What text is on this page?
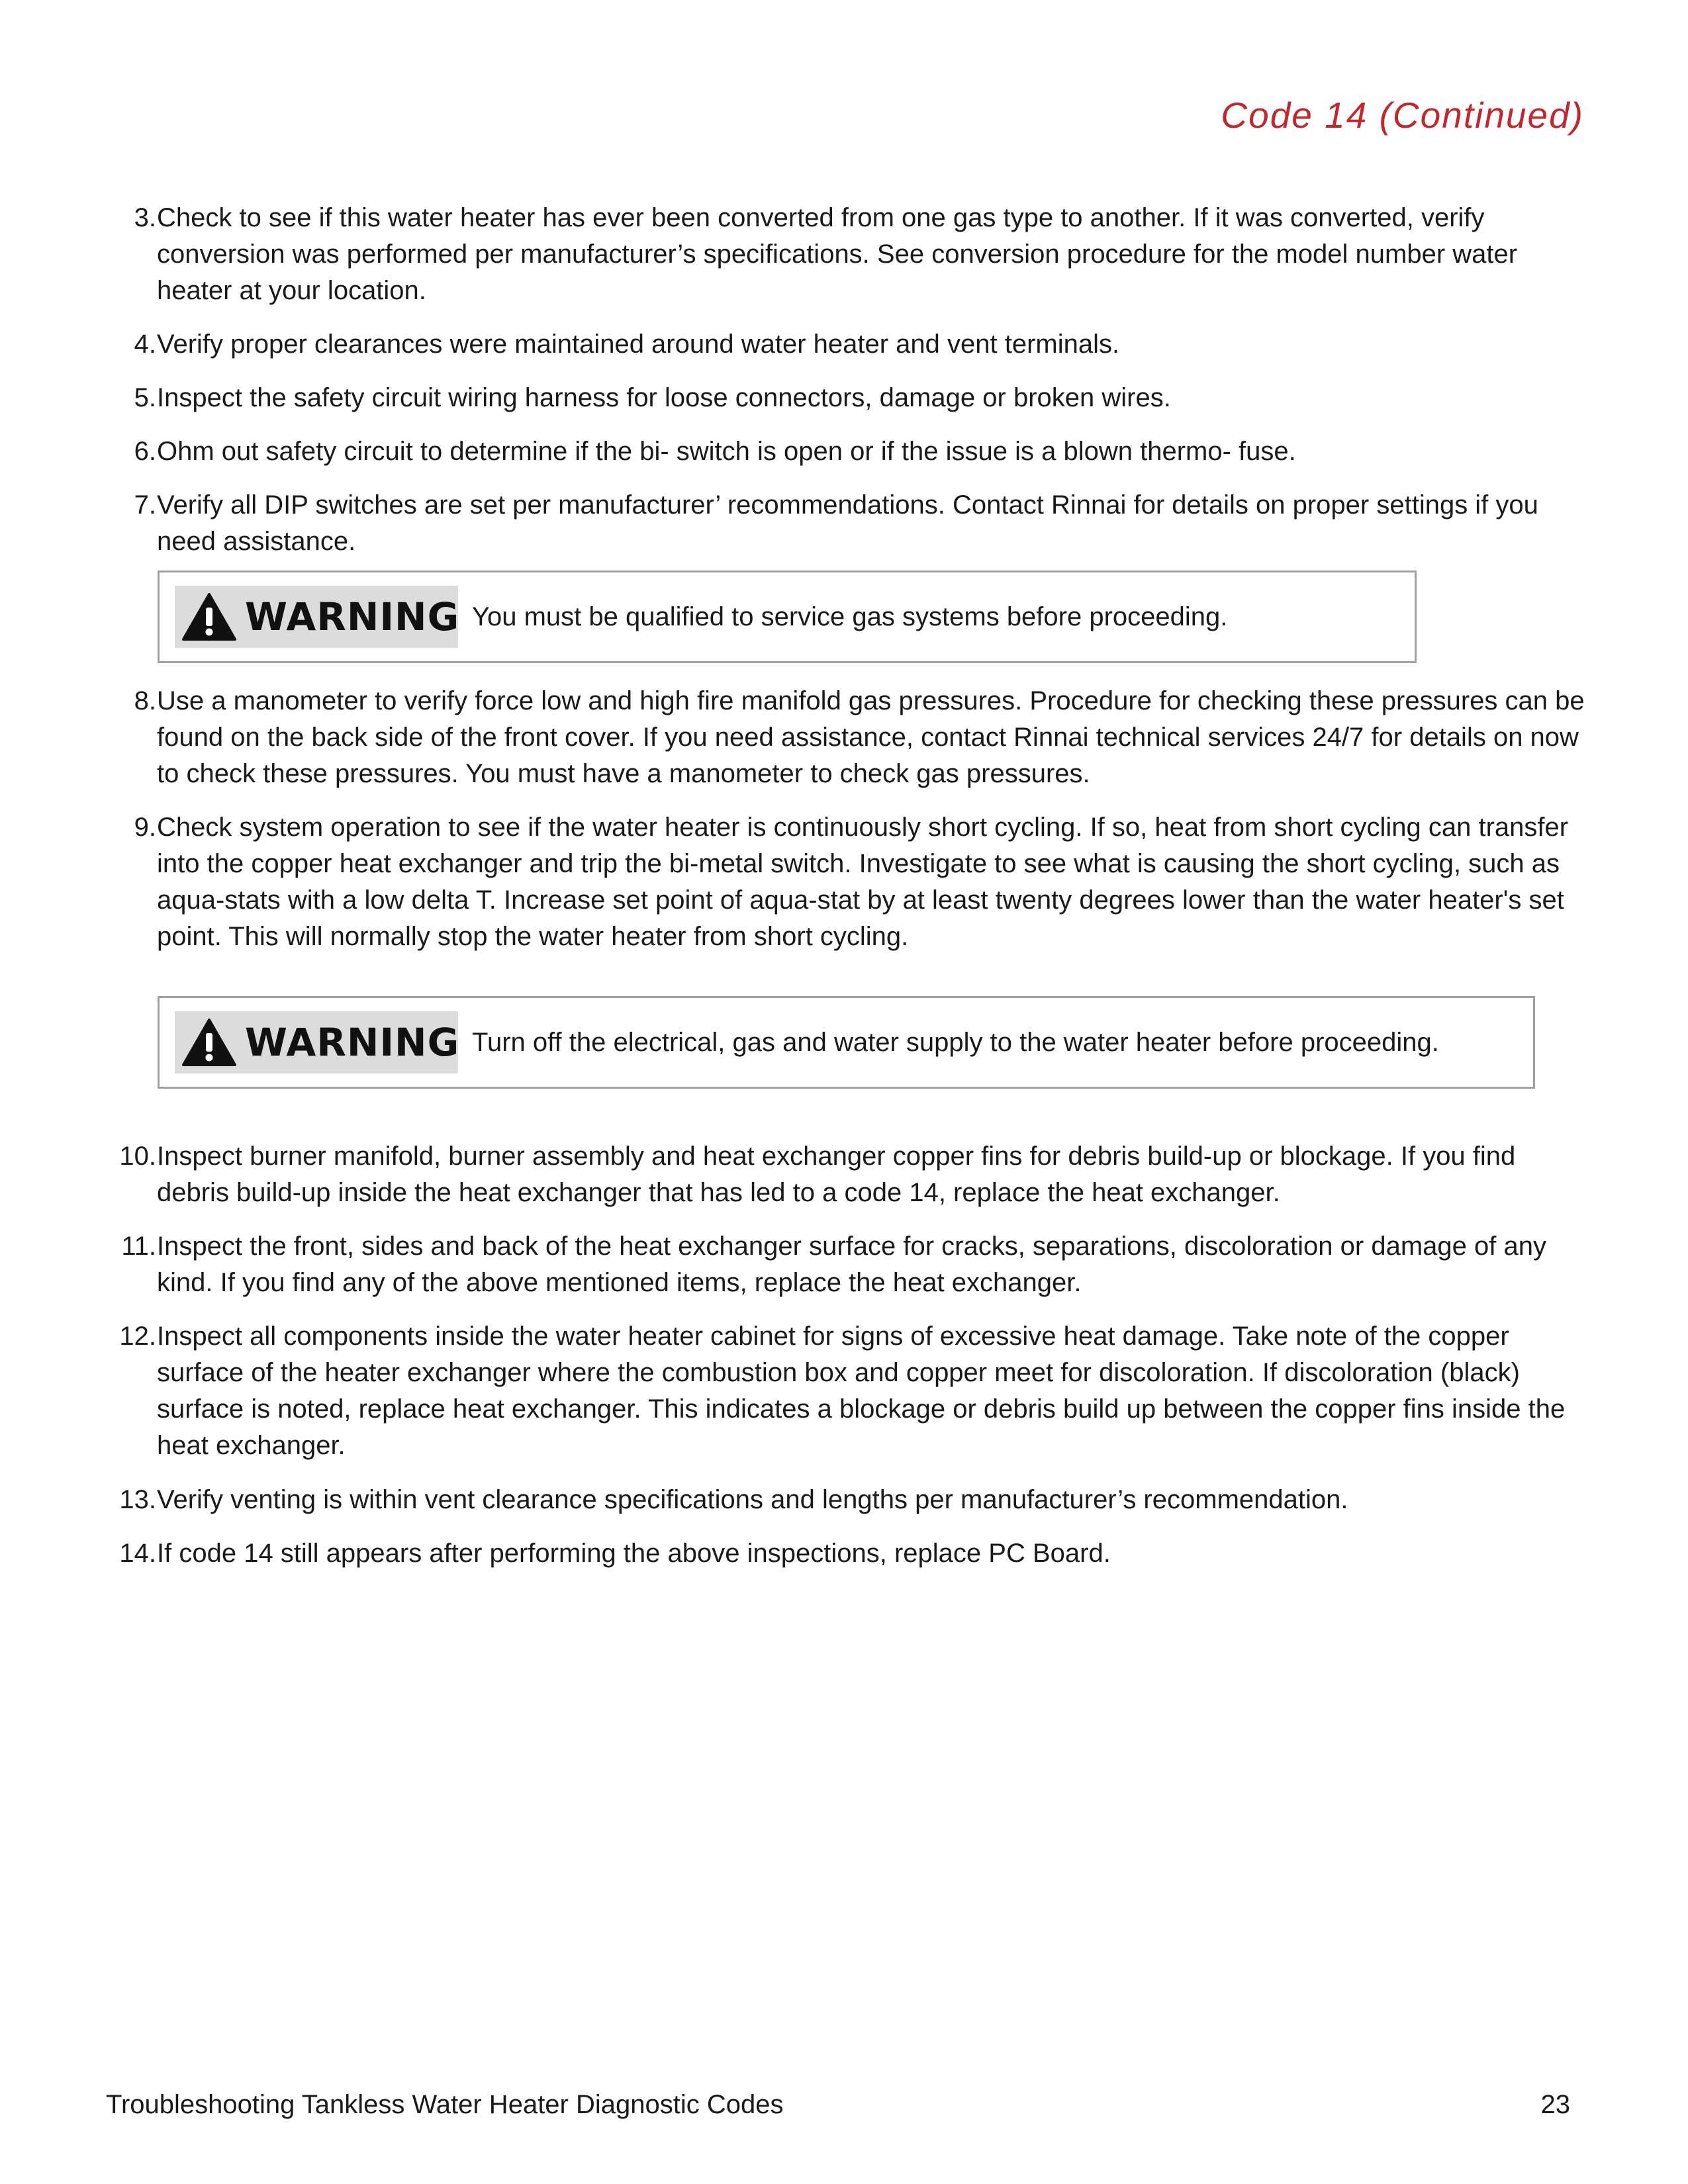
Code 14 (Continued)
3. Check to see if this water heater has ever been converted from one gas type to another. If it was converted, verify conversion was performed per manufacturer’s specifications. See conversion procedure for the model number water heater at your location.
4. Verify proper clearances were maintained around water heater and vent terminals.
5. Inspect the safety circuit wiring harness for loose connectors, damage or broken wires.
6. Ohm out safety circuit to determine if the bi- switch is open or if the issue is a blown thermo- fuse.
7. Verify all DIP switches are set per manufacturer’ recommendations. Contact Rinnai for details on proper settings if you need assistance.
WARNING You must be qualified to service gas systems before proceeding.
8. Use a manometer to verify force low and high fire manifold gas pressures. Procedure for checking these pressures can be found on the back side of the front cover. If you need assistance, contact Rinnai technical services 24/7 for details on now to check these pressures. You must have a manometer to check gas pressures.
9. Check system operation to see if the water heater is continuously short cycling. If so, heat from short cycling can transfer into the copper heat exchanger and trip the bi-metal switch. Investigate to see what is causing the short cycling, such as aqua-stats with a low delta T. Increase set point of aqua-stat by at least twenty degrees lower than the water heater's set point. This will normally stop the water heater from short cycling.
WARNING Turn off the electrical, gas and water supply to the water heater before proceeding.
10. Inspect burner manifold, burner assembly and heat exchanger copper fins for debris build-up or blockage. If you find debris build-up inside the heat exchanger that has led to a code 14, replace the heat exchanger.
11. Inspect the front, sides and back of the heat exchanger surface for cracks, separations, discoloration or damage of any kind. If you find any of the above mentioned items, replace the heat exchanger.
12. Inspect all components inside the water heater cabinet for signs of excessive heat damage. Take note of the copper surface of the heater exchanger where the combustion box and copper meet for discoloration. If discoloration (black) surface is noted, replace heat exchanger. This indicates a blockage or debris build up between the copper fins inside the heat exchanger.
13. Verify venting is within vent clearance specifications and lengths per manufacturer’s recommendation.
14. If code 14 still appears after performing the above inspections, replace PC Board.
Troubleshooting Tankless Water Heater Diagnostic Codes	23
